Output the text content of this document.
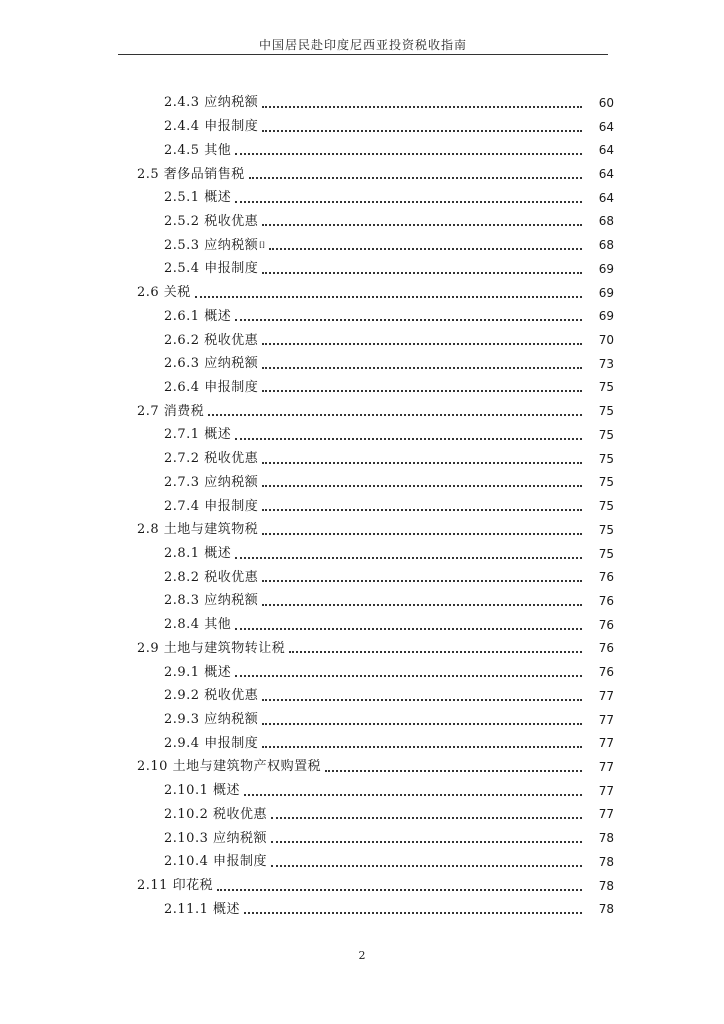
中国居民赴印度尼西亚投资税收指南
2.4.3 应纳税额	60
2.4.4 申报制度	64
2.4.5 其他	64
2.5 奢侈品销售税	64
2.5.1 概述	64
2.5.2 税收优惠	68
2.5.3 应纳税额 []	68
2.5.4 申报制度	69
2.6 关税	69
2.6.1 概述	69
2.6.2 税收优惠	70
2.6.3 应纳税额	73
2.6.4 申报制度	75
2.7 消费税	75
2.7.1 概述	75
2.7.2 税收优惠	75
2.7.3 应纳税额	75
2.7.4 申报制度	75
2.8 土地与建筑物税	75
2.8.1 概述	75
2.8.2 税收优惠	76
2.8.3 应纳税额	76
2.8.4 其他	76
2.9 土地与建筑物转让税	76
2.9.1 概述	76
2.9.2 税收优惠	77
2.9.3 应纳税额	77
2.9.4 申报制度	77
2.10 土地与建筑物产权购置税	77
2.10.1 概述	77
2.10.2 税收优惠	77
2.10.3 应纳税额	78
2.10.4 申报制度	78
2.11 印花税	78
2.11.1 概述	78
2
